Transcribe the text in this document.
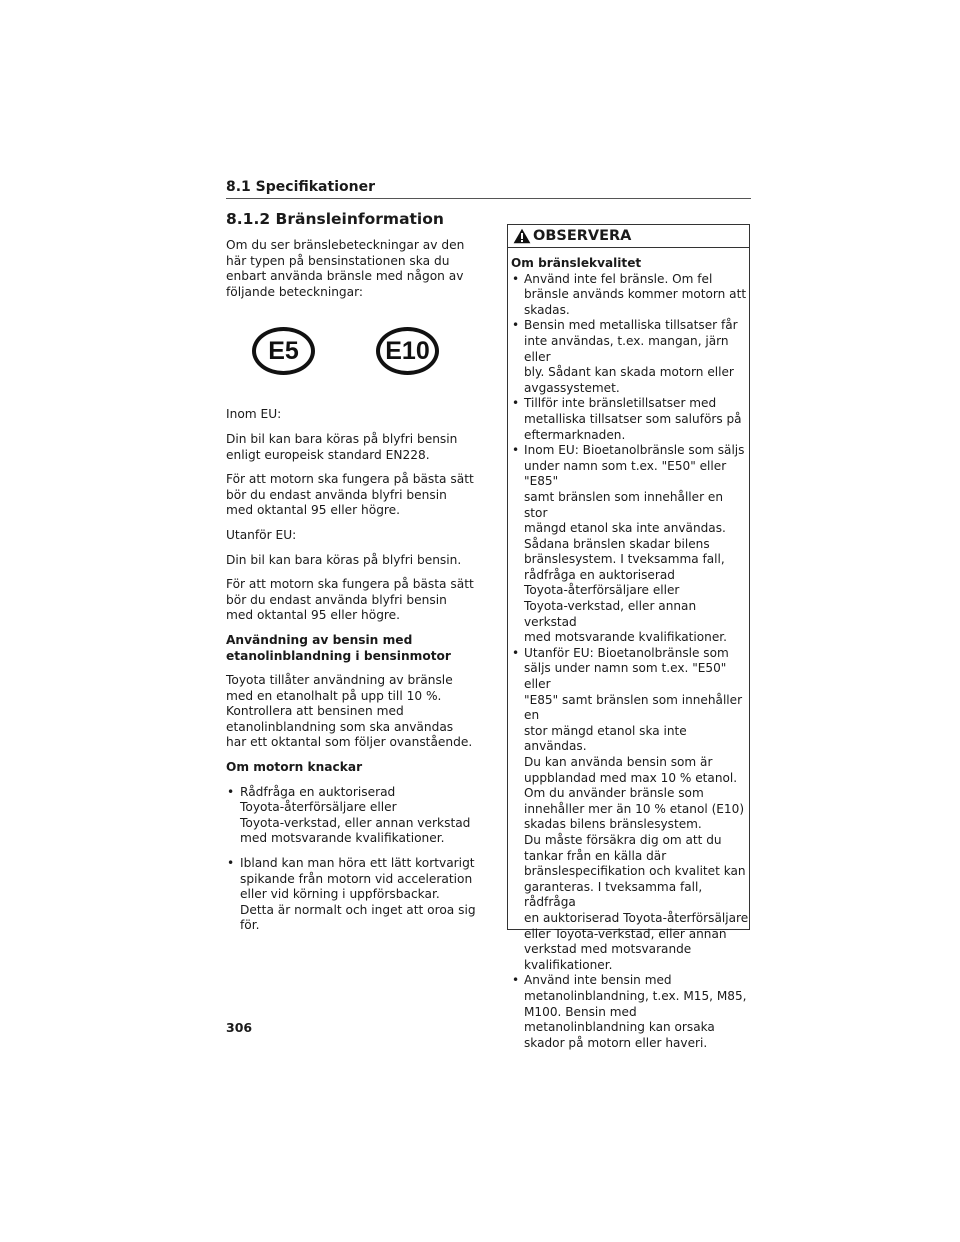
8.1 Specifikationer
8.1.2 Bränsleinformation

Om du ser bränslebeteckningar av den här typen på bensinstationen ska du enbart använda bränsle med någon av följande beteckningar:

E5	E10

Inom EU:

Din bil kan bara köras på blyfri bensin enligt europeisk standard EN228.

För att motorn ska fungera på bästa sätt bör du endast använda blyfri bensin med oktantal 95 eller högre.

Utanför EU:

Din bil kan bara köras på blyfri bensin.

För att motorn ska fungera på bästa sätt bör du endast använda blyfri bensin med oktantal 95 eller högre.

Användning av bensin med etanolinblandning i bensinmotor

Toyota tillåter användning av bränsle med en etanolhalt på upp till 10 %. Kontrollera att bensinen med etanolinblandning som ska användas har ett oktantal som följer ovanstående.

Om motorn knackar

• Rådfråga en auktoriserad
Toyota-återförsäljare eller
Toyota-verkstad, eller annan verkstad
med motsvarande kvalifikationer.
• Ibland kan man höra ett lätt kortvarigt
spikande från motorn vid acceleration
eller vid körning i uppförsbackar.
Detta är normalt och inget att oroa sig
för.
OBSERVERA

Om bränslekvalitet

• Använd inte fel bränsle. Om fel
bränsle används kommer motorn att
skadas.
• Bensin med metalliska tillsatser får
inte användas, t.ex. mangan, järn eller
bly. Sådant kan skada motorn eller
avgassystemet.
• Tillför inte bränsletillsatser med
metalliska tillsatser som saluförs på
eftermarknaden.
• Inom EU: Bioetanolbränsle som säljs
under namn som t.ex. "E50" eller "E85"
samt bränslen som innehåller en stor
mängd etanol ska inte användas.
Sådana bränslen skadar bilens
bränslesystem. I tveksamma fall,
rådfråga en auktoriserad
Toyota-återförsäljare eller
Toyota-verkstad, eller annan verkstad
med motsvarande kvalifikationer.
• Utanför EU: Bioetanolbränsle som
säljs under namn som t.ex. "E50" eller
"E85" samt bränslen som innehåller en
stor mängd etanol ska inte användas.
Du kan använda bensin som är
uppblandad med max 10 % etanol.
Om du använder bränsle som
innehåller mer än 10 % etanol (E10)
skadas bilens bränslesystem.
Du måste försäkra dig om att du
tankar från en källa där
bränslespecifikation och kvalitet kan
garanteras. I tveksamma fall, rådfråga
en auktoriserad Toyota-återförsäljare
eller Toyota-verkstad, eller annan
verkstad med motsvarande
kvalifikationer.
• Använd inte bensin med
metanolinblandning, t.ex. M15, M85,
M100. Bensin med
metanolinblandning kan orsaka
skador på motorn eller haveri.

306
